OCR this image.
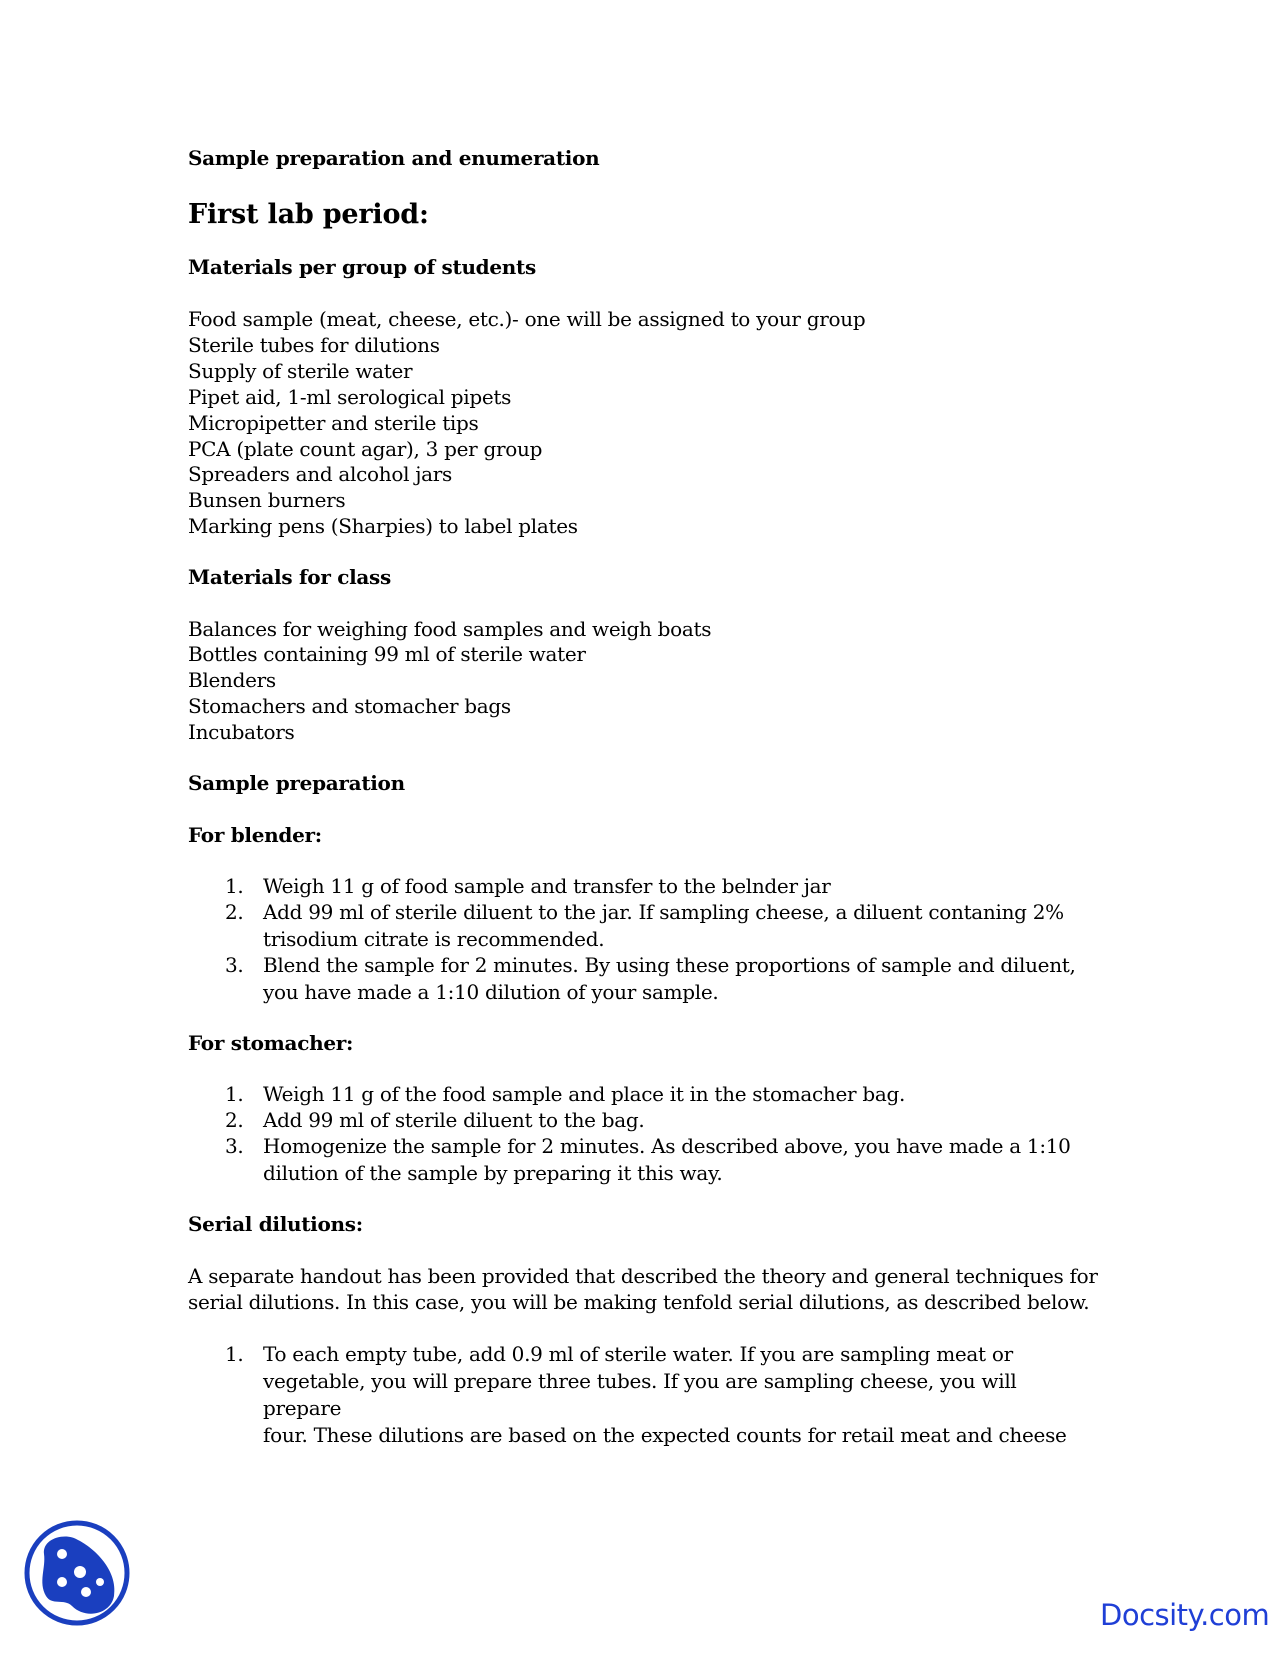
Sample preparation and enumeration
First lab period:
Materials per group of students
Food sample (meat, cheese, etc.)- one will be assigned to your group
Sterile tubes for dilutions
Supply of sterile water
Pipet aid, 1-ml serological pipets
Micropipetter and sterile tips
PCA (plate count agar), 3 per group
Spreaders and alcohol jars
Bunsen burners
Marking pens (Sharpies) to label plates
Materials for class
Balances for weighing food samples and weigh boats
Bottles containing 99 ml of sterile water
Blenders
Stomachers and stomacher bags
Incubators
Sample preparation
For blender:
1. Weigh 11 g of food sample and transfer to the belnder jar
2. Add 99 ml of sterile diluent to the jar. If sampling cheese, a diluent contaning 2%
trisodium citrate is recommended.
3. Blend the sample for 2 minutes. By using these proportions of sample and diluent,
you have made a 1:10 dilution of your sample.
For stomacher:
1. Weigh 11 g of the food sample and place it in the stomacher bag.
2. Add 99 ml of sterile diluent to the bag.
3. Homogenize the sample for 2 minutes. As described above, you have made a 1:10
dilution of the sample by preparing it this way.
Serial dilutions:
A separate handout has been provided that described the theory and general techniques for
serial dilutions. In this case, you will be making tenfold serial dilutions, as described below.
1. To each empty tube, add 0.9 ml of sterile water. If you are sampling meat or
vegetable, you will prepare three tubes. If you are sampling cheese, you will prepare
four. These dilutions are based on the expected counts for retail meat and cheese
Docsity.com
